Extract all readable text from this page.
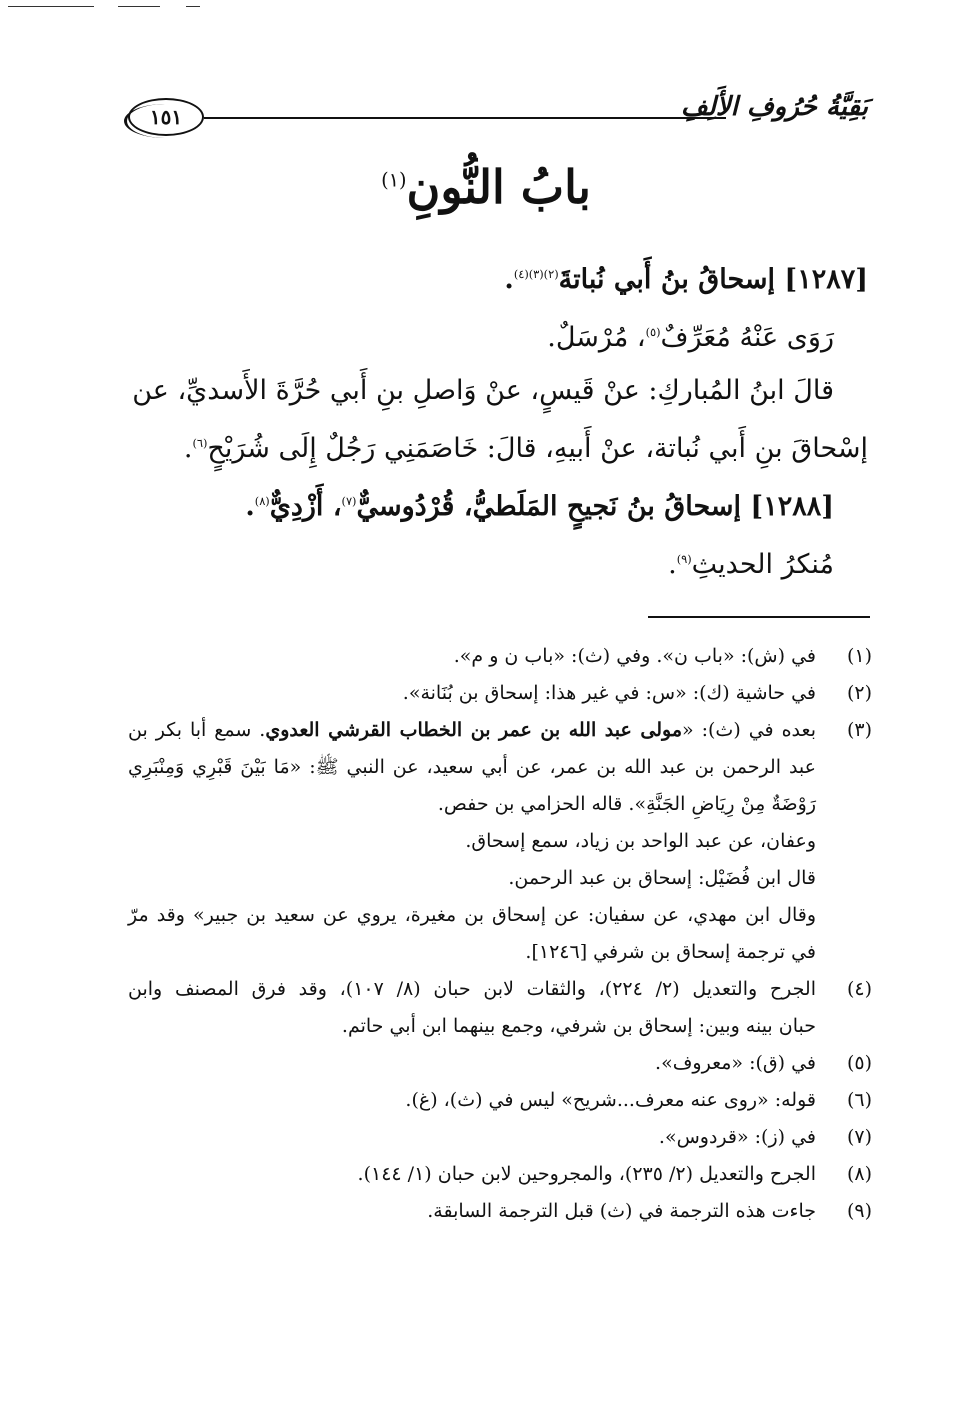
١٥١	بَقِيَّةُ حُرُوفِ الأَلِفِ
بابُ النُّونِ$^{(١)}$

[١٢٨٧] إسحاقُ بنُ أَبي نُباتةَ$^{(٢)(٣)(٤)}$.

رَوَى عَنْهُ مُعَرِّفٌ$^{(٥)}$، مُرْسَلٌ.

قالَ ابنُ المُباركِ: عنْ قَيسٍ، عنْ وَاصلِ بنِ أَبي حُرَّةَ الأَسديِّ، عن

إسْحاقَ بنِ أَبي نُباتة، عنْ أَبيهِ، قالَ: خَاصَمَنِي رَجُلٌ إِلَى شُرَيْحٍ$^{(٦)}$.

[١٢٨٨] إسحاقُ بنُ نَجيحٍ المَلَطيُّ، قُرْدُوسيٌّ$^{(٧)}$، أَزْدِيٌّ$^{(٨)}$.

مُنكرُ الحديثِ$^{(٩)}$.

(١)
في (ش): «باب ن». وفي (ث): «باب ن و م».
(٢)
في حاشية (ك): «س: في غير هذا: إسحاق بن بُنَانة».
(٣)
بعده في (ث): «مولى عبد الله بن عمر بن الخطاب القرشي العدوي. سمع أبا بكر بن
عبد الرحمن بن عبد الله بن عمر، عن أبي سعيد، عن النبي ﷺ: «مَا بَيْنَ قَبْرِي وَمِنْبَرِي
رَوْضَةٌ مِنْ رِيَاضِ الجَنَّةِ». قاله الحزامي بن حفص.
وعفان، عن عبد الواحد بن زياد، سمع إسحاق.
قال ابن فُضَيْل: إسحاق بن عبد الرحمن.
وقال ابن مهدي، عن سفيان: عن إسحاق بن مغيرة، يروي عن سعيد بن جبير» وقد مرّ
في ترجمة إسحاق بن شرفي [١٢٤٦].
(٤)
الجرح والتعديل (٢/ ٢٢٤)، والثقات لابن حبان (٨/ ١٠٧)، وقد فرق المصنف وابن
حبان بينه وبين: إسحاق بن شرفي، وجمع بينهما ابن أبي حاتم.
(٥)
في (ق): «معروف».
(٦)
قوله: «روى عنه معرف...شريح» ليس في (ث)، (غ).
(٧)
في (ز): «قردوس».
(٨)
الجرح والتعديل (٢/ ٢٣٥)، والمجروحين لابن حبان (١/ ١٤٤).
(٩)
جاءت هذه الترجمة في (ث) قبل الترجمة السابقة.
